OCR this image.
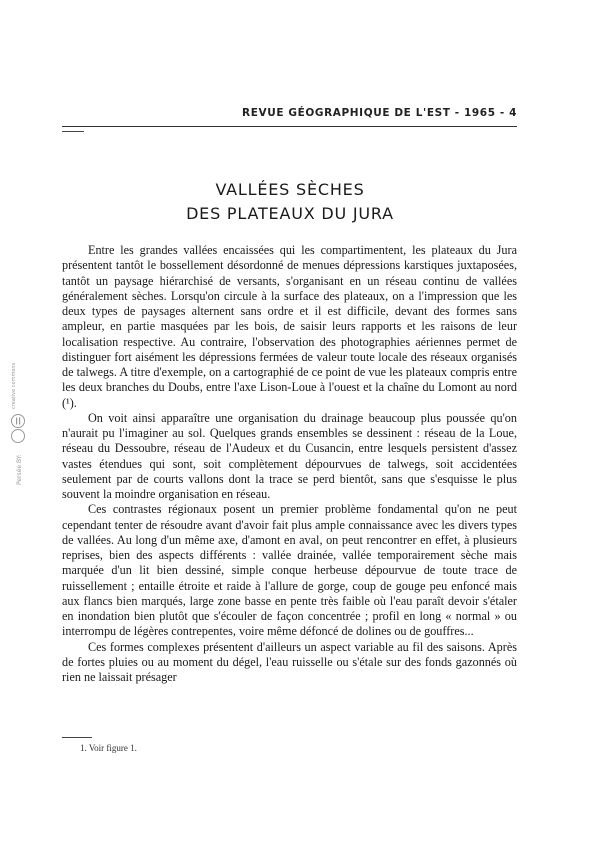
REVUE GÉOGRAPHIQUE DE L'EST - 1965 - 4
VALLÉES SÈCHES
DES PLATEAUX DU JURA

Entre les grandes vallées encaissées qui les compartimentent, les plateaux du Jura présentent tantôt le bossellement désordonné de menues dépressions karstiques juxtaposées, tantôt un paysage hiérarchisé de versants, s'organisant en un réseau continu de vallées généralement sèches. Lorsqu'on circule à la surface des plateaux, on a l'impression que les deux types de paysages alternent sans ordre et il est difficile, devant des formes sans ampleur, en partie masquées par les bois, de saisir leurs rapports et les raisons de leur localisation respective. Au contraire, l'observation des photographies aériennes permet de distinguer fort aisément les dépressions fermées de valeur toute locale des réseaux organisés de talwegs. A titre d'exemple, on a cartographié de ce point de vue les plateaux compris entre les deux branches du Doubs, entre l'axe Lison-Loue à l'ouest et la chaîne du Lomont au nord (¹).

On voit ainsi apparaître une organisation du drainage beaucoup plus poussée qu'on n'aurait pu l'imaginer au sol. Quelques grands ensembles se dessinent : réseau de la Loue, réseau du Dessoubre, réseau de l'Audeux et du Cusancin, entre lesquels persistent d'assez vastes étendues qui sont, soit complètement dépourvues de talwegs, soit accidentées seulement par de courts vallons dont la trace se perd bientôt, sans que s'esquisse le plus souvent la moindre organisation en réseau.

Ces contrastes régionaux posent un premier problème fondamental qu'on ne peut cependant tenter de résoudre avant d'avoir fait plus ample connaissance avec les divers types de vallées. Au long d'un même axe, d'amont en aval, on peut rencontrer en effet, à plusieurs reprises, bien des aspects différents : vallée drainée, vallée temporairement sèche mais marquée d'un lit bien dessiné, simple conque herbeuse dépourvue de toute trace de ruissellement ; entaille étroite et raide à l'allure de gorge, coup de gouge peu enfoncé mais aux flancs bien marqués, large zone basse en pente très faible où l'eau paraît devoir s'étaler en inondation bien plutôt que s'écouler de façon concentrée ; profil en long « normal » ou interrompu de légères contrepentes, voire même défoncé de dolines ou de gouffres...

Ces formes complexes présentent d'ailleurs un aspect variable au fil des saisons. Après de fortes pluies ou au moment du dégel, l'eau ruisselle ou s'étale sur des fonds gazonnés où rien ne laissait présager

1. Voir figure 1.
Persée
BY:
creative commons
